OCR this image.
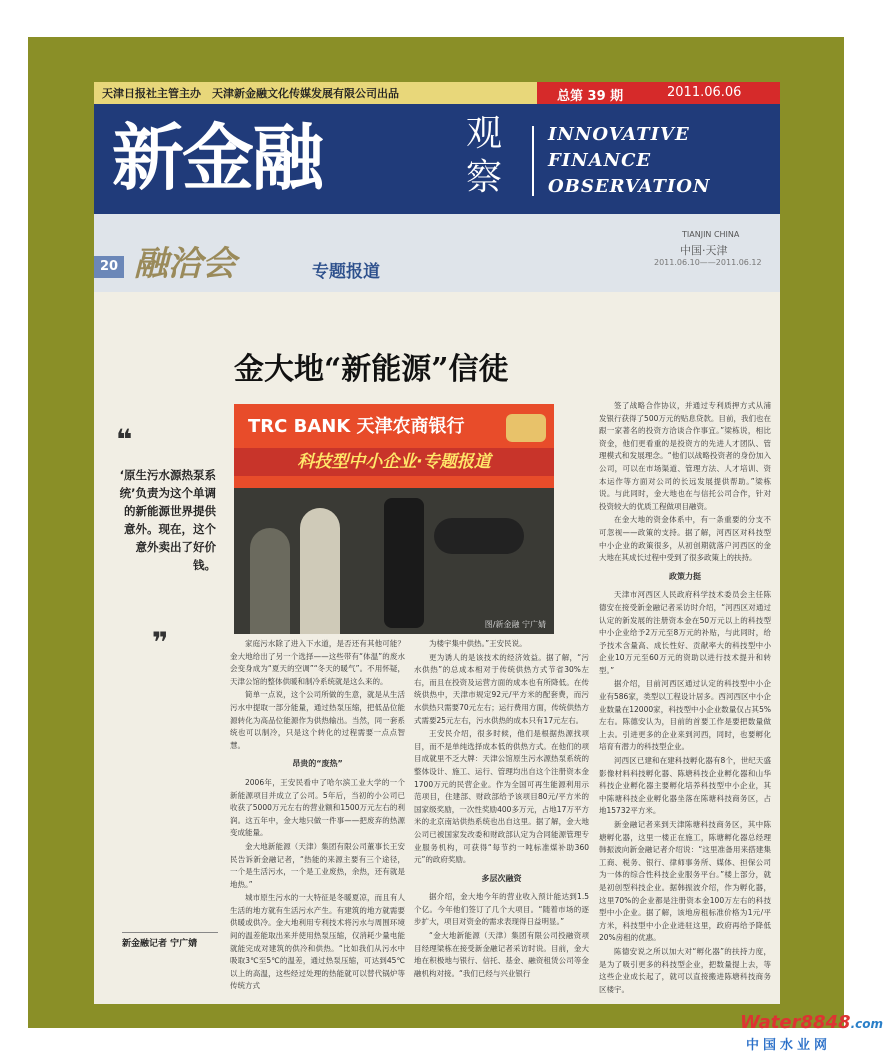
天津日报社主管主办　天津新金融文化传媒发展有限公司出品	总第 39 期	2011.06.06
新金融	观察
INNOVATIVE
FINANCE
OBSERVATION
20 融洽会	专题报道
TIANJIN CHINA
中国·天津
2011.06.10——2011.06.12
金大地“新能源”信徒
❝
‘原生污水源热泵系统’负责为这个单调的新能源世界提供意外。现在，这个意外卖出了好价钱。
❞
新金融记者 宁广婧
TRC BANK 天津农商银行
科技型中小企业·专题报道
图/新金融 宁广婧

家庭污水除了进入下水道，是否还有其他可能？金大地给出了另一个选择——这些带有“体温”的废水会变身成为“夏天的空调”“冬天的暖气”。不用怀疑，天津公馆的整体供暖和制冷系统就是这么来的。

简单一点说，这个公司所做的生意，就是从生活污水中提取一部分能量，通过热泵压缩，把低品位能源转化为高品位能源作为供热输出。当然，同一套系统也可以制冷，只是这个转化的过程需要一点点智慧。

昂贵的“废热”

2006年，王安民看中了哈尔滨工业大学的一个新能源项目并成立了公司。5年后，当初的小公司已收获了5000万元左右的营业额和1500万元左右的利润。这五年中，金大地只做一件事——把废弃的热源变成能量。

金大地新能源（天津）集团有限公司董事长王安民告诉新金融记者，“热能的来源主要有三个途径，一个是生活污水，一个是工业废热，余热，还有就是地热。”

城市原生污水的一大特征是冬暖夏凉，而且有人生活的地方就有生活污水产生。有建筑的地方就需要供暖或供冷。金大地利用专利技术将污水与周围环境间的温差能取出来并使用热泵压缩，仅消耗少量电能就能完成对建筑的供冷和供热。“比如我们从污水中吸取3℃至5℃的温差，通过热泵压缩，可达到45℃以上的高温，这些经过处理的热能就可以替代锅炉等传统方式

为楼宇集中供热。”王安民说。

更为诱人的是该技术的经济效益。据了解，“污水供热”的总成本相对于传统供热方式节省30%左右，而且在投资及运营方面的成本也有所降低。在传统供热中，天津市规定92元/平方米的配套费，而污水供热只需要70元左右；运行费用方面，传统供热方式需要25元左右，污水供热的成本只有17元左右。

王安民介绍，很多时候，他们是根据热源找项目，而不是单纯选择成本低的供热方式。在他们的项目成就里不乏大牌：天津公馆原生污水源热泵系统的整体设计、施工、运行、管理均出自这个注册资本金1700万元的民营企业。作为全国可再生能源利用示范项目，住建部、财政部给予该项目80元/平方米的国家级奖励，一次性奖励400多万元，占地17万平方米的北京南站供热系统也出自这里。据了解，金大地公司已被国家发改委和财政部认定为合同能源管理专业服务机构，可获得“每节约一吨标准煤补助360元”的政府奖励。

多层次融资

据介绍，金大地今年的营业收入预计能达到1.5个亿。今年他们签订了几个大项目。“随着市场的逐步扩大，项目对资金的需求表现得日益明显。”

“金大地新能源（天津）集团有限公司投融资项目经理梁栋在接受新金融记者采访时说。目前，金大地在积极地与银行、信托、基金、融资租赁公司等金融机构对接。“我们已经与兴业银行

签了战略合作协议，并通过专利质押方式从浦发银行获得了500万元的贴息贷款。目前，我们也在跟一家著名的投资方洽谈合作事宜。”梁栋说，相比资金，他们更看重的是投资方的先进人才团队、管理模式和发展理念。“他们以战略投资者的身份加入公司，可以在市场渠道、管理方法、人才培训、资本运作等方面对公司的长远发展提供帮助。”梁栋说。与此同时，金大地也在与信托公司合作，针对投资较大的优质工程做项目融资。

在金大地的资金体系中，有一条重要的分支不可忽视——政策的支持。据了解，河西区对科技型中小企业的政策很多，从初创期就落户河西区的金大地在其成长过程中受到了很多政策上的扶持。

政策力挺

天津市河西区人民政府科学技术委员会主任陈德安在接受新金融记者采访时介绍，“河西区对通过认定的新发展的注册资本金在50万元以上的科技型中小企业给予2万元至8万元的补贴，与此同时，给予技术含量高、成长性好、贡献率大的科技型中小企业10万元至60万元的资助以进行技术提升和转型。”

据介绍，目前河西区通过认定的科技型中小企业有586家，类型以工程设计居多。西河西区中小企业数量在12000家，科技型中小企业数量仅占其5%左右。陈德安认为，目前的首要工作是要把数量做上去。引进更多的企业来到河西，同时，也要孵化培育有潜力的科技型企业。

河西区已建和在建科技孵化器有8个，世纪天盛影像材料科技孵化器、陈塘科技企业孵化器和山华科技企业孵化器主要孵化培养科技型中小企业，其中陈塘科技企业孵化器坐落在陈塘科技商务区，占地15732平方米。

新金融记者来到天津陈塘科技商务区，其中陈塘孵化器，这里一楼正在施工，陈塘孵化器总经理韩振波向新金融记者介绍说：“这里准备用来搭建集工商、税务、银行、律师事务所、媒体、担保公司为一体的综合性科技企业服务平台。”楼上部分，就是初创型科技企业。据韩振波介绍，作为孵化器，这里70%的企业都是注册资本金100万左右的科技型中小企业。据了解，该地房租标准价格为1元/平方米，科技型中小企业进驻这里，政府再给予降低20%房租的优惠。

陈德安说之所以加大对“孵化器”的扶持力度，是为了吸引更多的科技型企业，把数量提上去，等这些企业成长起了，就可以直接搬进陈塘科技商务区楼宇。

Water8848.com
中国水业网
